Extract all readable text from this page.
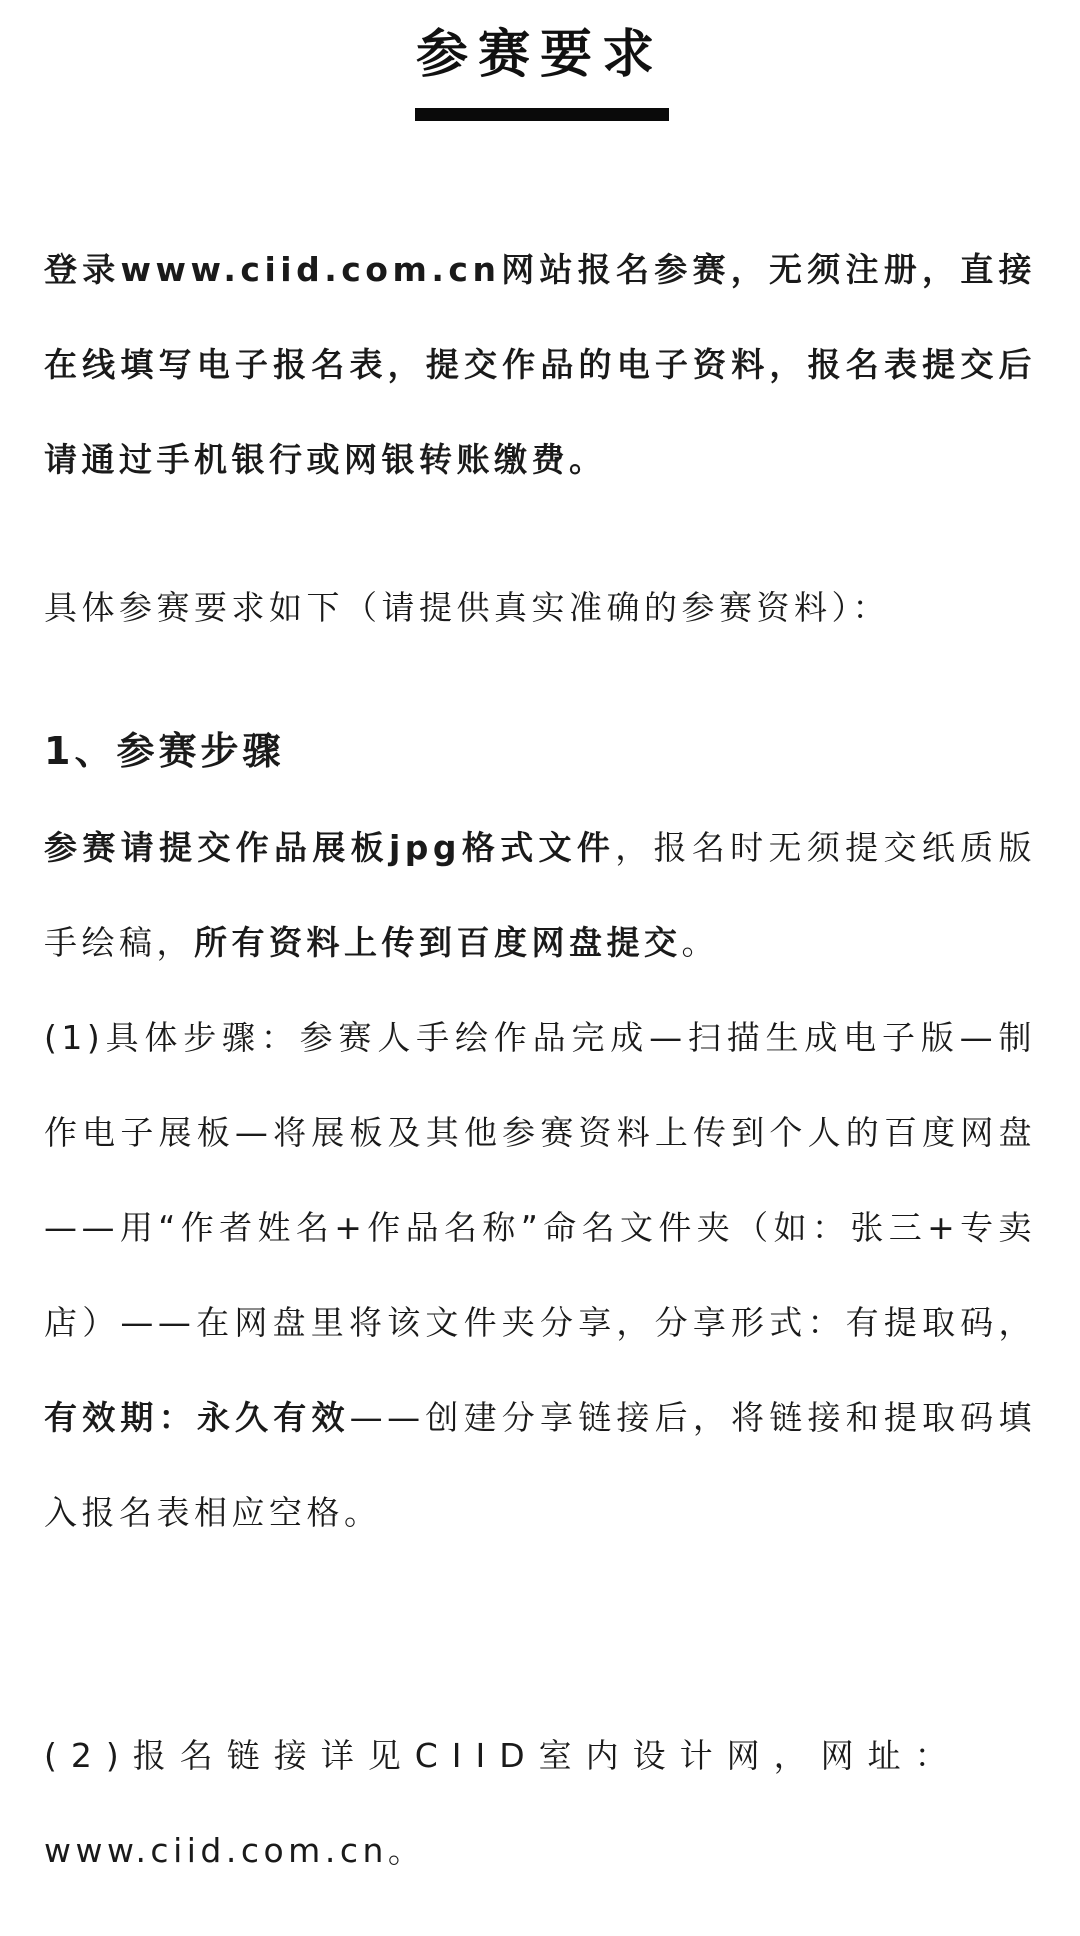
参赛要求

登录www.ciid.com.cn网站报名参赛，无须注册，直接在线填写电子报名表，提交作品的电子资料，报名表提交后请通过手机银行或网银转账缴费。

具体参赛要求如下（请提供真实准确的参赛资料）：

1、参赛步骤

参赛请提交作品展板jpg格式文件，报名时无须提交纸质版手绘稿，所有资料上传到百度网盘提交。
(1)具体步骤：参赛人手绘作品完成—扫描生成电子版—制作电子展板—将展板及其他参赛资料上传到个人的百度网盘——用“作者姓名+作品名称”命名文件夹（如：张三+专卖店）——在网盘里将该文件夹分享，分享形式：有提取码，有效期：永久有效——创建分享链接后，将链接和提取码填入报名表相应空格。

(2)报名链接详见CIID室内设计网，网址：
www.ciid.com.cn。
